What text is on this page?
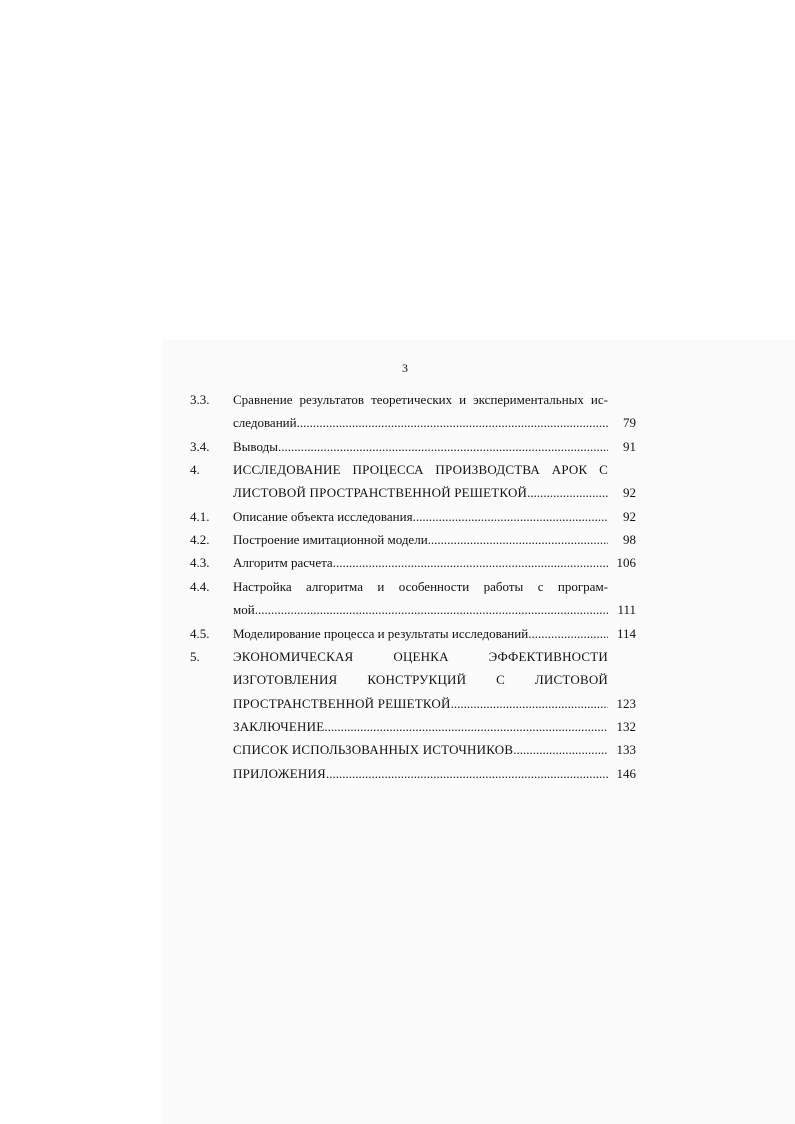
3
3.3.	Сравнение результатов теоретических и экспериментальных ис-
следований .....	79
3.4.	Выводы .....	91
4.	ИССЛЕДОВАНИЕ ПРОЦЕССА ПРОИЗВОДСТВА АРОК С
ЛИСТОВОЙ ПРОСТРАНСТВЕННОЙ РЕШЕТКОЙ .....	92
4.1.	Описание объекта исследования .....	92
4.2.	Построение имитационной модели .....	98
4.3.	Алгоритм расчета .....	106
4.4.	Настройка алгоритма и особенности работы с програм-
мой .....	111
4.5.	Моделирование процесса и результаты исследований .....	114
5.	ЭКОНОМИЧЕСКАЯ ОЦЕНКА ЭФФЕКТИВНОСТИ
ИЗГОТОВЛЕНИЯ КОНСТРУКЦИЙ С ЛИСТОВОЙ
ПРОСТРАНСТВЕННОЙ РЕШЕТКОЙ .....	123
ЗАКЛЮЧЕНИЕ .....	132
СПИСОК ИСПОЛЬЗОВАННЫХ ИСТОЧНИКОВ .....	133
ПРИЛОЖЕНИЯ .....	146
